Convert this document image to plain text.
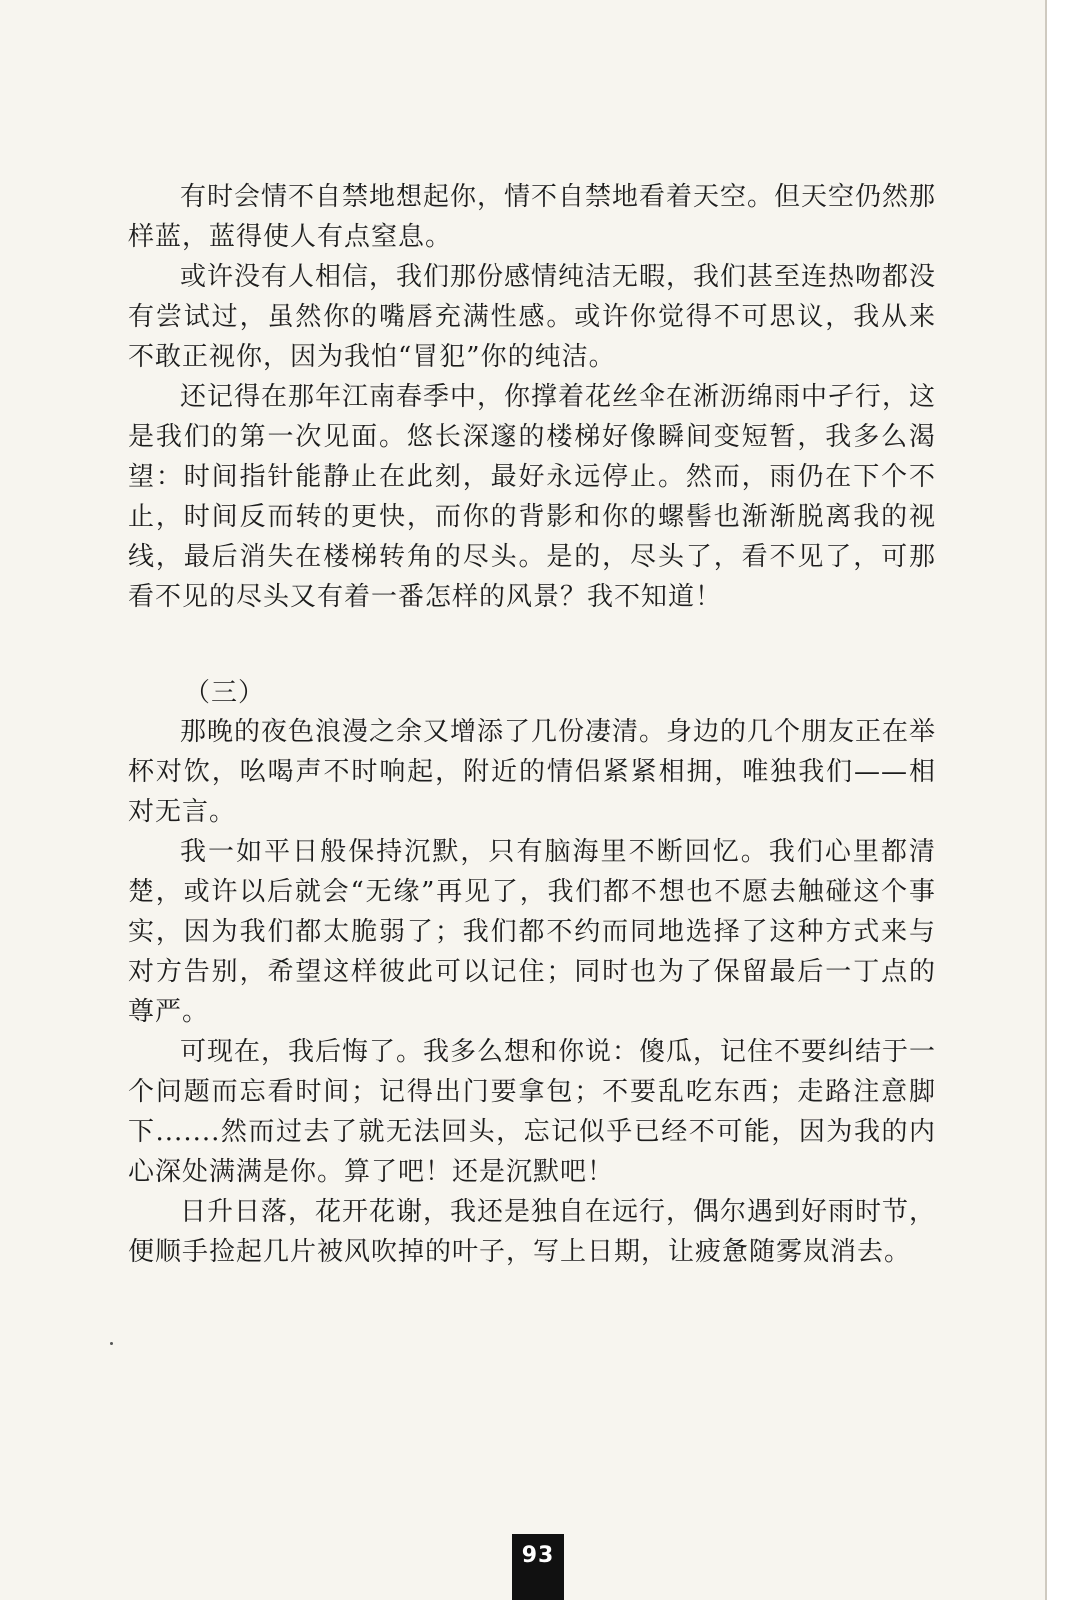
有时会情不自禁地想起你，情不自禁地看着天空。但天空仍然那样蓝，蓝得使人有点窒息。

或许没有人相信，我们那份感情纯洁无暇，我们甚至连热吻都没有尝试过，虽然你的嘴唇充满性感。或许你觉得不可思议，我从来不敢正视你，因为我怕“冒犯”你的纯洁。

还记得在那年江南春季中，你撑着花丝伞在淅沥绵雨中孑行，这是我们的第一次见面。悠长深邃的楼梯好像瞬间变短暂，我多么渴望：时间指针能静止在此刻，最好永远停止。然而，雨仍在下个不止，时间反而转的更快，而你的背影和你的螺髻也渐渐脱离我的视线，最后消失在楼梯转角的尽头。是的，尽头了，看不见了，可那看不见的尽头又有着一番怎样的风景？我不知道！

（三）

那晚的夜色浪漫之余又增添了几份凄清。身边的几个朋友正在举杯对饮，吆喝声不时响起，附近的情侣紧紧相拥，唯独我们——相对无言。

我一如平日般保持沉默，只有脑海里不断回忆。我们心里都清楚，或许以后就会“无缘”再见了，我们都不想也不愿去触碰这个事实，因为我们都太脆弱了；我们都不约而同地选择了这种方式来与对方告别，希望这样彼此可以记住；同时也为了保留最后一丁点的尊严。

可现在，我后悔了。我多么想和你说：傻瓜，记住不要纠结于一个问题而忘看时间；记得出门要拿包；不要乱吃东西；走路注意脚下.......然而过去了就无法回头，忘记似乎已经不可能，因为我的内心深处满满是你。算了吧！还是沉默吧！

日升日落，花开花谢，我还是独自在远行，偶尔遇到好雨时节，便顺手捡起几片被风吹掉的叶子，写上日期，让疲惫随雾岚消去。

93
